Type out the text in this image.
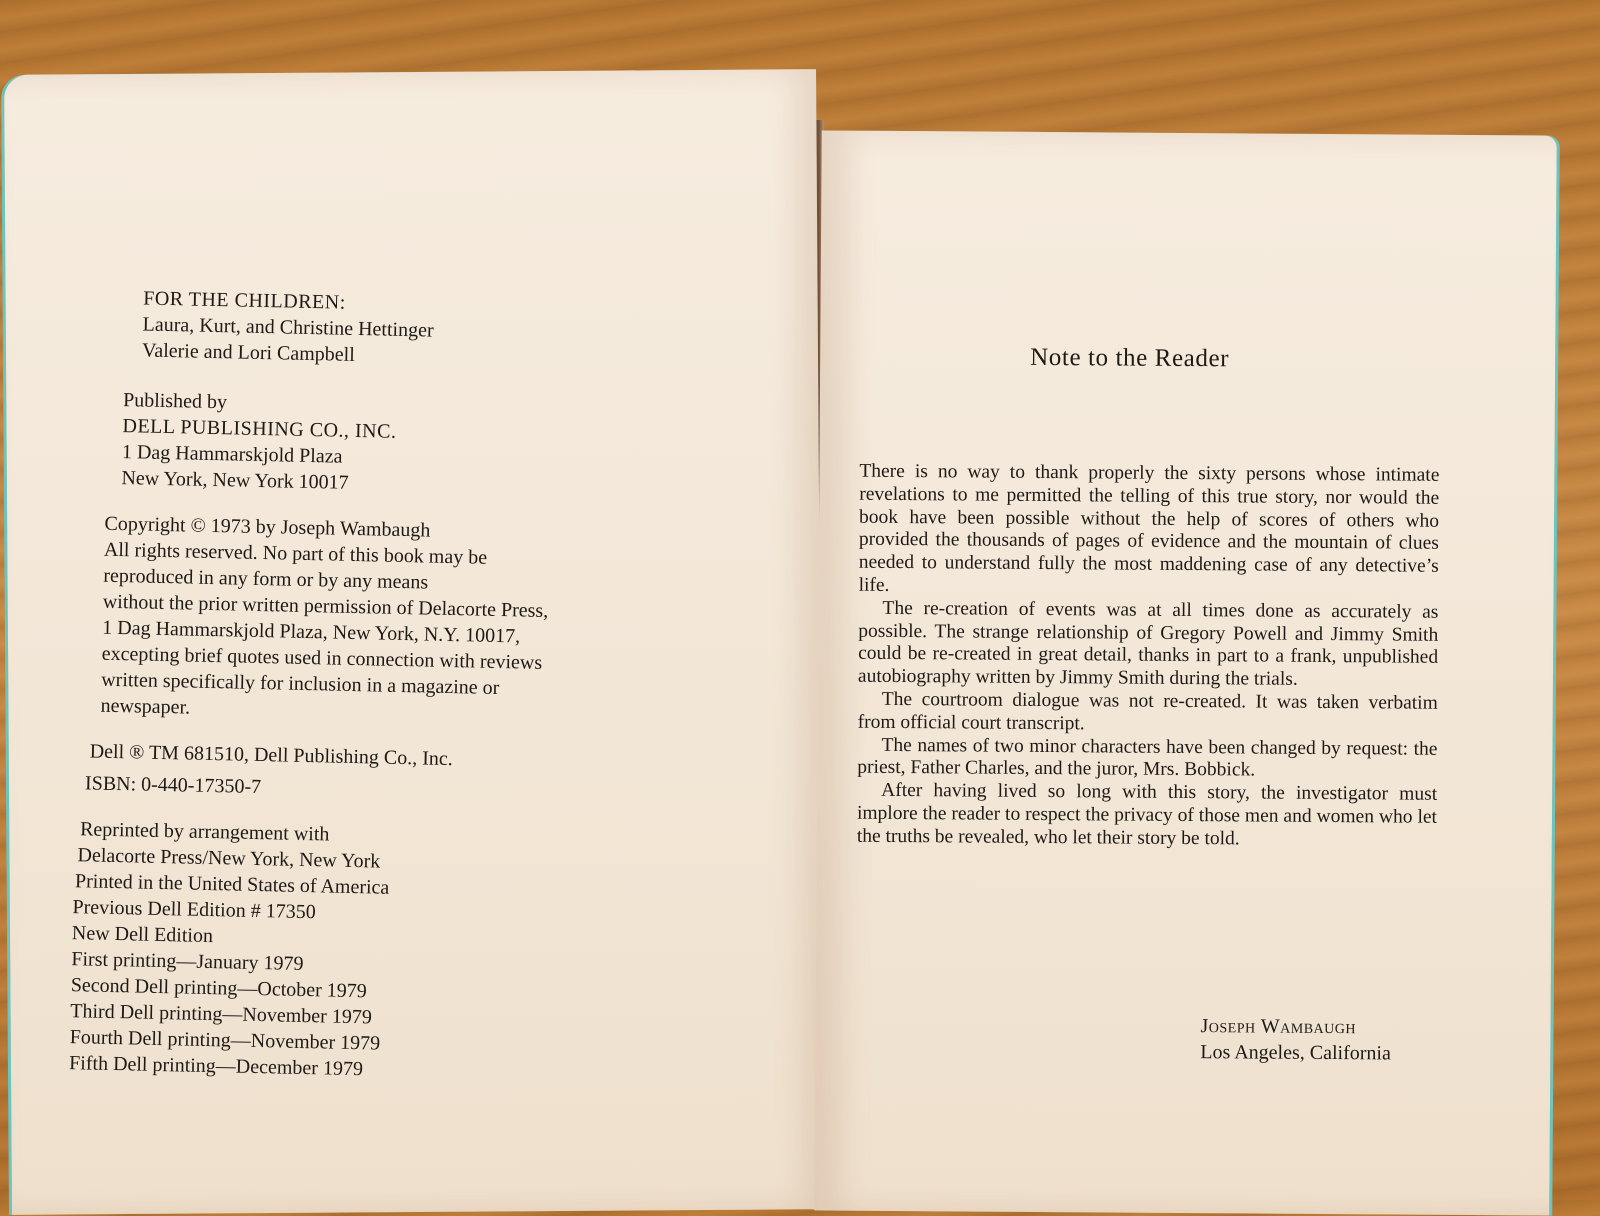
FOR THE CHILDREN:
Laura, Kurt, and Christine Hettinger
Valerie and Lori Campbell
Published by
DELL PUBLISHING CO., INC.
1 Dag Hammarskjold Plaza
New York, New York 10017
Copyright © 1973 by Joseph Wambaugh
All rights reserved. No part of this book may be
reproduced in any form or by any means
without the prior written permission of Delacorte Press,
1 Dag Hammarskjold Plaza, New York, N.Y. 10017,
excepting brief quotes used in connection with reviews
written specifically for inclusion in a magazine or
newspaper.
Dell ® TM 681510, Dell Publishing Co., Inc.
ISBN: 0-440-17350-7
Reprinted by arrangement with
Delacorte Press/New York, New York
Printed in the United States of America
Previous Dell Edition # 17350
New Dell Edition
First printing—January 1979
Second Dell printing—October 1979
Third Dell printing—November 1979
Fourth Dell printing—November 1979
Fifth Dell printing—December 1979
Note to the Reader

There is no way to thank properly the sixty persons whose intimate revelations to me permitted the telling of this true story, nor would the book have been possible without the help of scores of others who provided the thousands of pages of evidence and the mountain of clues needed to understand fully the most maddening case of any detective’s life.

The re-creation of events was at all times done as accurately as possible. The strange relationship of Gregory Powell and Jimmy Smith could be re-created in great detail, thanks in part to a frank, unpublished autobiography written by Jimmy Smith during the trials.

The courtroom dialogue was not re-created. It was taken verbatim from official court transcript.

The names of two minor characters have been changed by request: the priest, Father Charles, and the juror, Mrs. Bobbick.

After having lived so long with this story, the investigator must implore the reader to respect the privacy of those men and women who let the truths be revealed, who let their story be told.

Joseph Wambaugh
Los Angeles, California
